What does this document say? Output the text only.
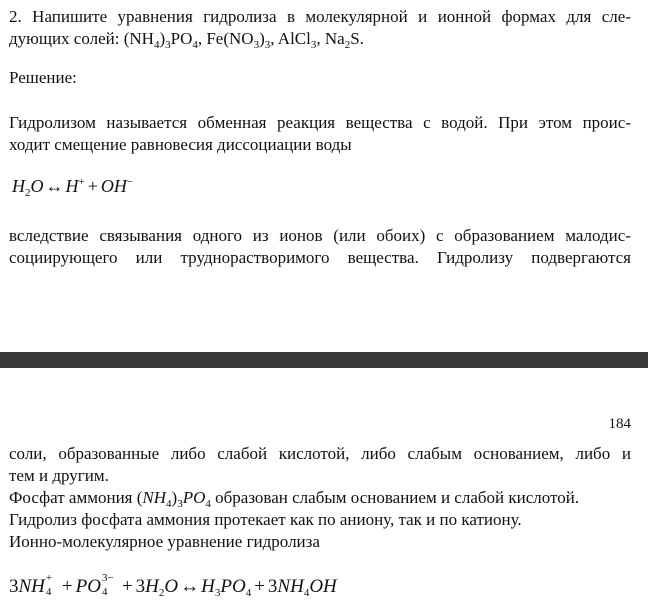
2. Напишите уравнения гидролиза в молекулярной и ионной формах для сле-
дующих солей: $(NH_4)_3PO_4$, $Fe(NO_3)_3$, AlCl$_3$, $Na_2S$.
Решение:
Гидролизом называется обменная реакция вещества с водой. При этом проис-
ходит смещение равновесия диссоциации воды
H2O ↔ H+ + OH−
вследствие связывания одного из ионов (или обоих) с образованием малодис-
социирующего или труднорастворимого вещества. Гидролизу подвергаются
184
соли, образованные либо слабой кислотой, либо слабым основанием, либо и
тем и другим.
Фосфат аммония $(NH_4)_3PO_4$ образован слабым основанием и слабой кислотой.
Гидролиз фосфата аммония протекает как по аниону, так и по катиону.
Ионно-молекулярное уравнение гидролиза
3NH +
4 + PO 3−
4 + 3H2O ↔ H3PO4 + 3NH4OH
